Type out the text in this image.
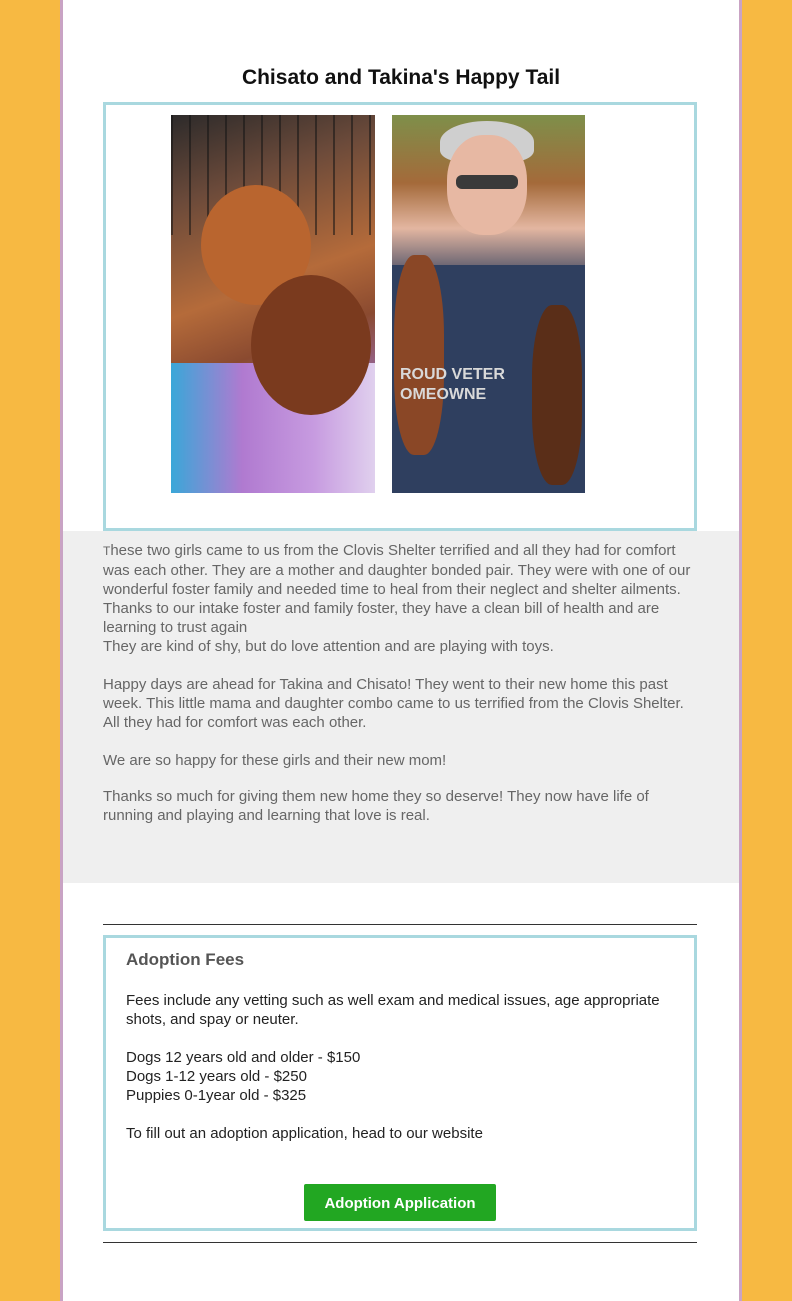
Chisato and Takina's Happy Tail
ROUD VETER
OMEOWNE

These two girls came to us from the Clovis Shelter terrified and all they had for comfort was each other. They are a mother and daughter bonded pair. They were with one of our wonderful foster family and needed time to heal from their neglect and shelter ailments. Thanks to our intake foster and family foster, they have a clean bill of health and are learning to trust again

They are kind of shy, but do love attention and are playing with toys.

Happy days are ahead for Takina and Chisato! They went to their new home this past week. This little mama and daughter combo came to us terrified from the Clovis Shelter. All they had for comfort was each other.

We are so happy for these girls and their new mom!

Thanks so much for giving them new home they so deserve! They now have life of running and playing and learning that love is real.

Adoption Fees

Fees include any vetting such as well exam and medical issues, age appropriate shots, and spay or neuter.

Dogs 12 years old and older - $150

Dogs 1-12 years old - $250

Puppies 0-1year old - $325

To fill out an adoption application, head to our website

Adoption Application
